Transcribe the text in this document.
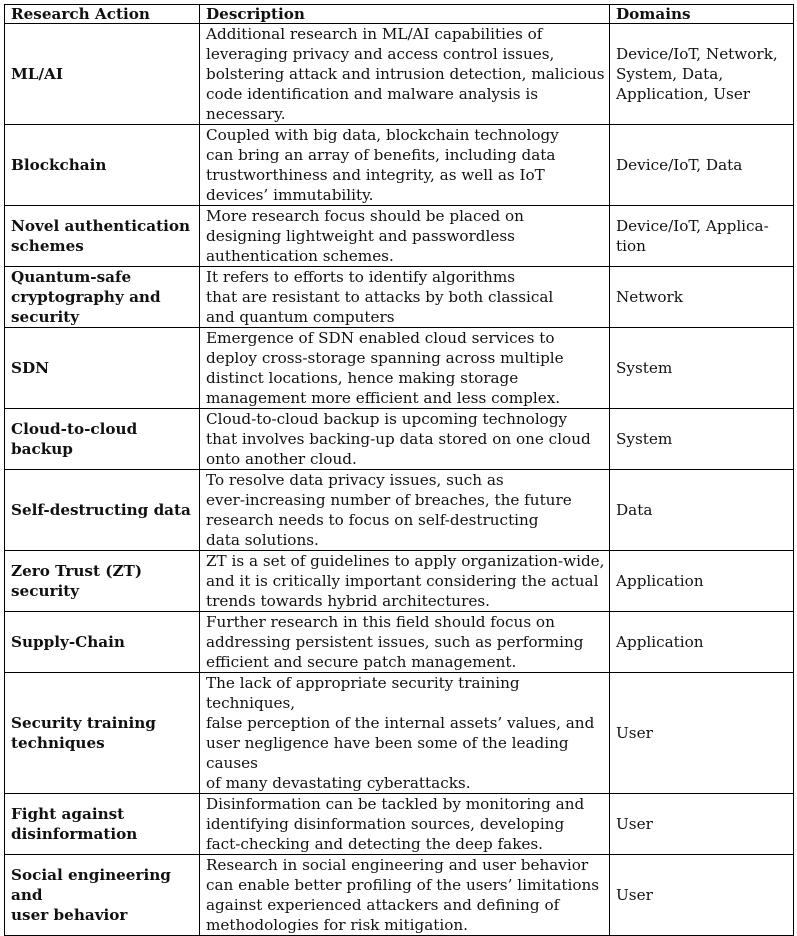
Research Action	Description	Domains
ML/AI	Additional research in ML/AI capabilities of
leveraging privacy and access control issues,
bolstering attack and intrusion detection, malicious
code identification and malware analysis is necessary.	Device/IoT, Network,
System, Data,
Application, User
Blockchain	Coupled with big data, blockchain technology
can bring an array of benefits, including data
trustworthiness and integrity, as well as IoT
devices’ immutability.	Device/IoT, Data
Novel authentication
schemes	More research focus should be placed on
designing lightweight and passwordless
authentication schemes.	Device/IoT, Applica-
tion
Quantum-safe
cryptography and
security	It refers to efforts to identify algorithms
that are resistant to attacks by both classical
and quantum computers	Network
SDN	Emergence of SDN enabled cloud services to
deploy cross-storage spanning across multiple
distinct locations, hence making storage
management more efficient and less complex.	System
Cloud-to-cloud backup	Cloud-to-cloud backup is upcoming technology
that involves backing-up data stored on one cloud
onto another cloud.	System
Self-destructing data	To resolve data privacy issues, such as
ever-increasing number of breaches, the future
research needs to focus on self-destructing
data solutions.	Data
Zero Trust (ZT) security	ZT is a set of guidelines to apply organization-wide,
and it is critically important considering the actual
trends towards hybrid architectures.	Application
Supply-Chain	Further research in this field should focus on
addressing persistent issues, such as performing
efficient and secure patch management.	Application
Security training
techniques	The lack of appropriate security training techniques,
false perception of the internal assets’ values, and
user negligence have been some of the leading causes
of many devastating cyberattacks.	User
Fight against
disinformation	Disinformation can be tackled by monitoring and
identifying disinformation sources, developing
fact-checking and detecting the deep fakes.	User
Social engineering and
user behavior	Research in social engineering and user behavior
can enable better profiling of the users’ limitations
against experienced attackers and defining of
methodologies for risk mitigation.	User
